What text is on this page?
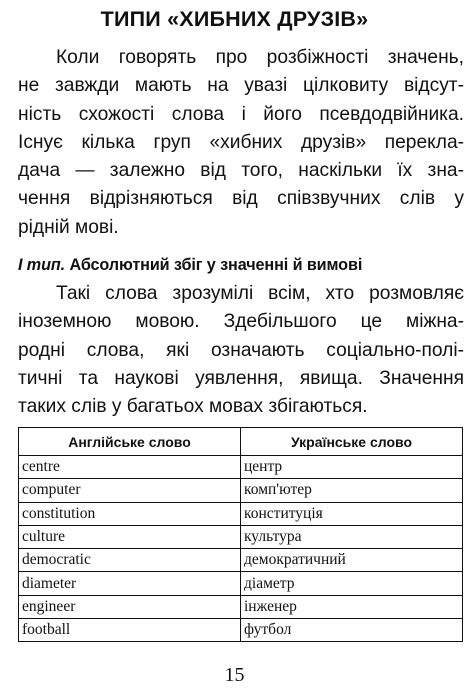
ТИПИ «ХИБНИХ ДРУЗІВ»
Коли говорять про розбіжності значень,
не завжди мають на увазі цілковиту відсут-
ність схожості слова і його псевдодвійника.
Існує кілька груп «хибних друзів» перекла-
дача — залежно від того, наскільки їх зна-
чення відрізняються від співзвучних слів у
рідній мові.
І тип. Абсолютний збіг у значенні й вимові
Такі слова зрозумілі всім, хто розмовляє
іноземною мовою. Здебільшого це міжна-
родні слова, які означають соціально-полі-
тичні та наукові уявлення, явища. Значення
таких слів у багатьох мовах збігаються.
Англійське слово	Українське слово
centre	центр
computer	комп'ютер
constitution	конституція
culture	культура
democratic	демократичний
diameter	діаметр
engineer	інженер
football	футбол
15
